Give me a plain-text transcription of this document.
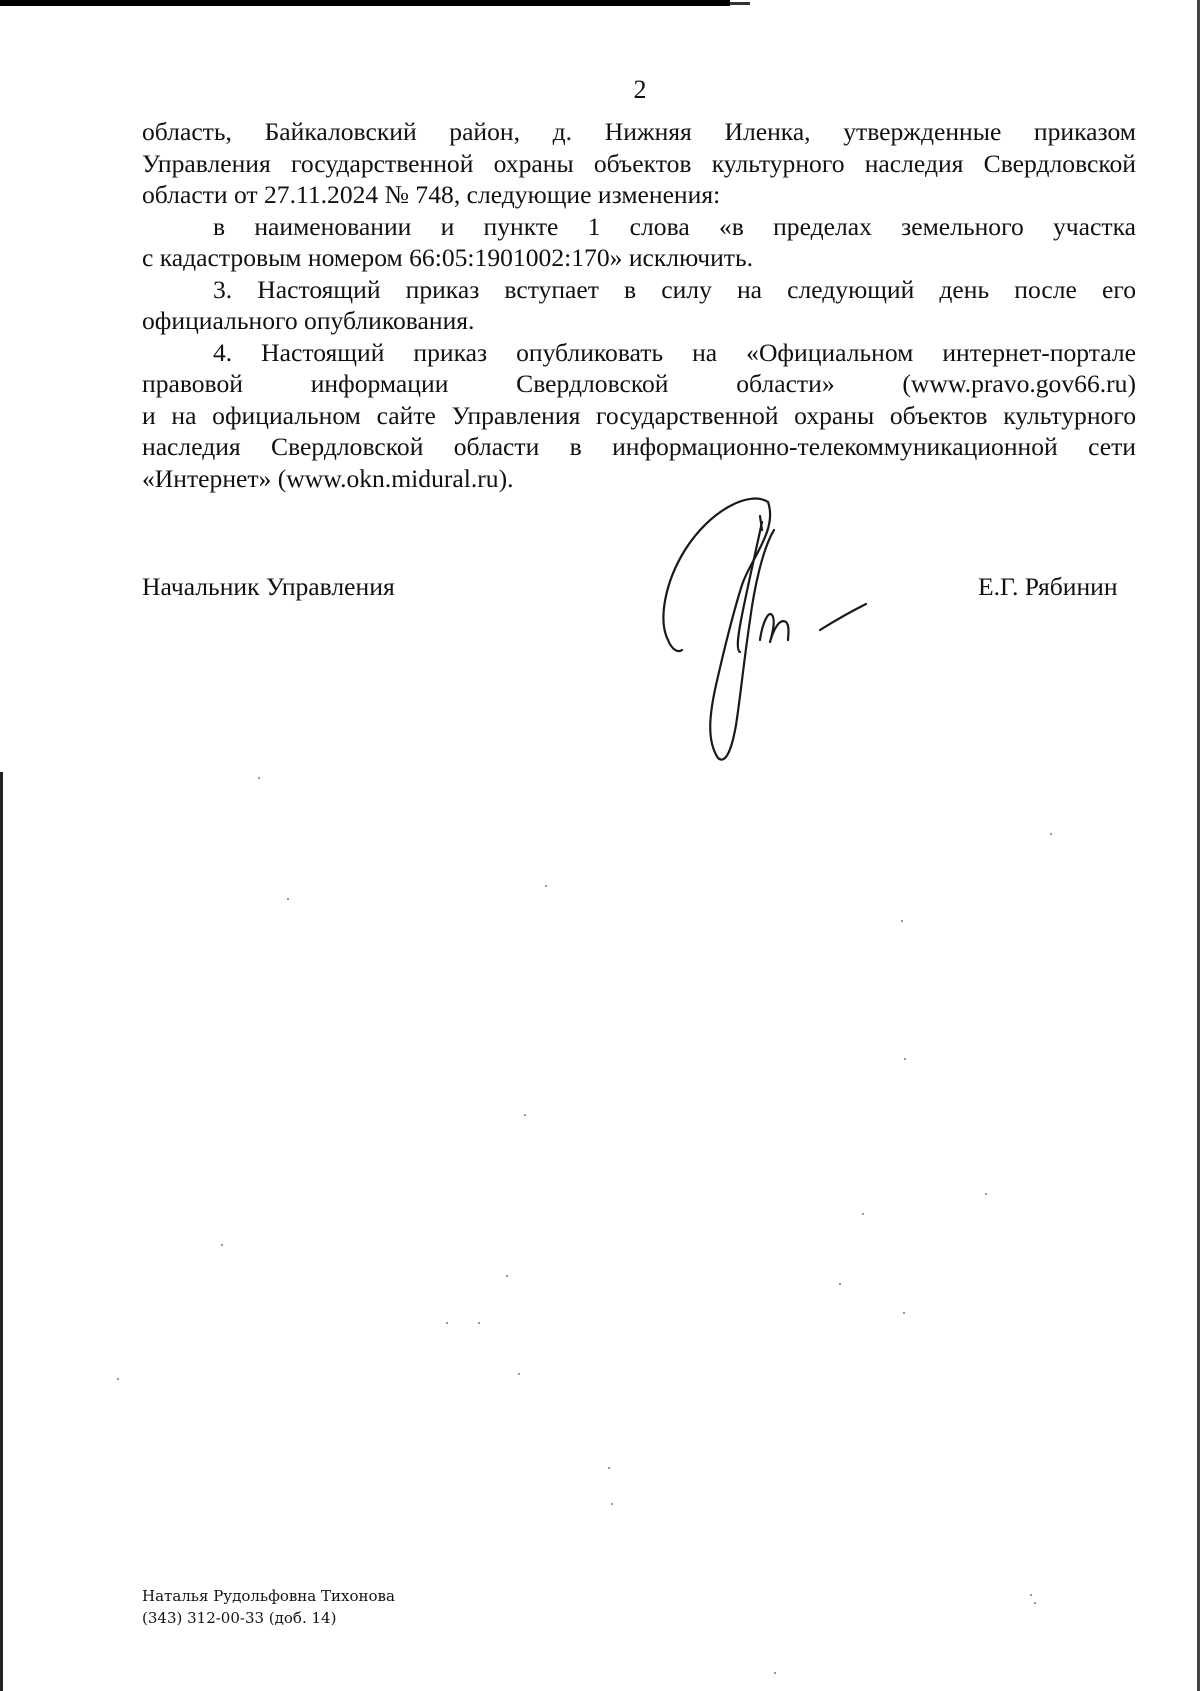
2

область, Байкаловский район, д. Нижняя Иленка, утвержденные приказом
Управления государственной охраны объектов культурного наследия Свердловской
области от 27.11.2024 № 748, следующие изменения:

в наименовании и пункте 1 слова «в пределах земельного участка
с кадастровым номером 66:05:1901002:170» исключить.

3. Настоящий приказ вступает в силу на следующий день после его
официального опубликования.

4. Настоящий приказ опубликовать на «Официальном интернет-портале
правовой информации Свердловской области» (www.pravo.gov66.ru)
и на официальном сайте Управления государственной охраны объектов культурного
наследия Свердловской области в информационно-телекоммуникационной сети
«Интернет» (www.okn.midural.ru).

Начальник Управления	Е.Г. Рябинин
Наталья Рудольфовна Тихонова
(343) 312-00-33 (доб. 14)
